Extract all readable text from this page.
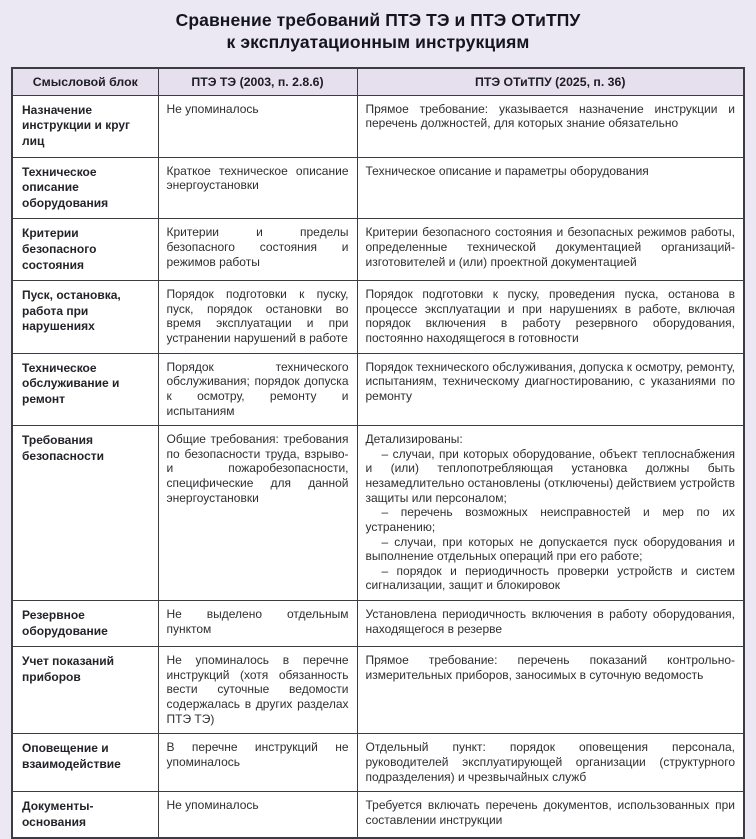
Сравнение требований ПТЭ ТЭ и ПТЭ ОТиТПУ
к эксплуатационным инструкциям
Смысловой блок	ПТЭ ТЭ (2003, п. 2.8.6)	ПТЭ ОТиТПУ (2025, п. 36)
Назначение инструкции и круг лиц	Не упоминалось	Прямое требование: указывается назначение инструкции и перечень должностей, для которых знание обязательно
Техническое описание оборудования	Краткое техническое описание энергоустановки	Техническое описание и параметры оборудования
Критерии безопасного состояния	Критерии и пределы безопасного состояния и режимов работы	Критерии безопасного состояния и безопасных режимов работы, определенные технической документацией организаций-изготовителей и (или) проектной документацией
Пуск, остановка, работа при нарушениях	Порядок подготовки к пуску, пуск, порядок остановки во время эксплуатации и при устранении нарушений в работе	Порядок подготовки к пуску, проведения пуска, останова в процессе эксплуатации и при нарушениях в работе, включая порядок включения в работу резервного оборудования, постоянно находящегося в готовности
Техническое обслуживание и ремонт	Порядок технического обслуживания; порядок допуска к осмотру, ремонту и испытаниям	Порядок технического обслуживания, допуска к осмотру, ремонту, испытаниям, техническому диагностированию, с указаниями по ремонту
Требования безопасности	Общие требования: требования по безопасности труда, взрыво- и пожаробезопасности, специфические для данной энергоустановки	Детализированы:

– случаи, при которых оборудование, объект теплоснабжения и (или) теплопотребляющая установка должны быть незамедлительно остановлены (отключены) действием устройств защиты или персоналом;

– перечень возможных неисправностей и мер по их устранению;

– случаи, при которых не допускается пуск оборудования и выполнение отдельных операций при его работе;

– порядок и периодичность проверки устройств и систем сигнализации, защит и блокировок

Резервное оборудование	Не выделено отдельным пунктом	Установлена периодичность включения в работу оборудования, находящегося в резерве
Учет показаний приборов	Не упоминалось в перечне инструкций (хотя обязанность вести суточные ведомости содержалась в других разделах ПТЭ ТЭ)	Прямое требование: перечень показаний контрольно-измерительных приборов, заносимых в суточную ведомость
Оповещение и взаимодействие	В перечне инструкций не упоминалось	Отдельный пункт: порядок оповещения персонала, руководителей эксплуатирующей организации (структурного подразделения) и чрезвычайных служб
Документы-основания	Не упоминалось	Требуется включать перечень документов, использованных при составлении инструкции
